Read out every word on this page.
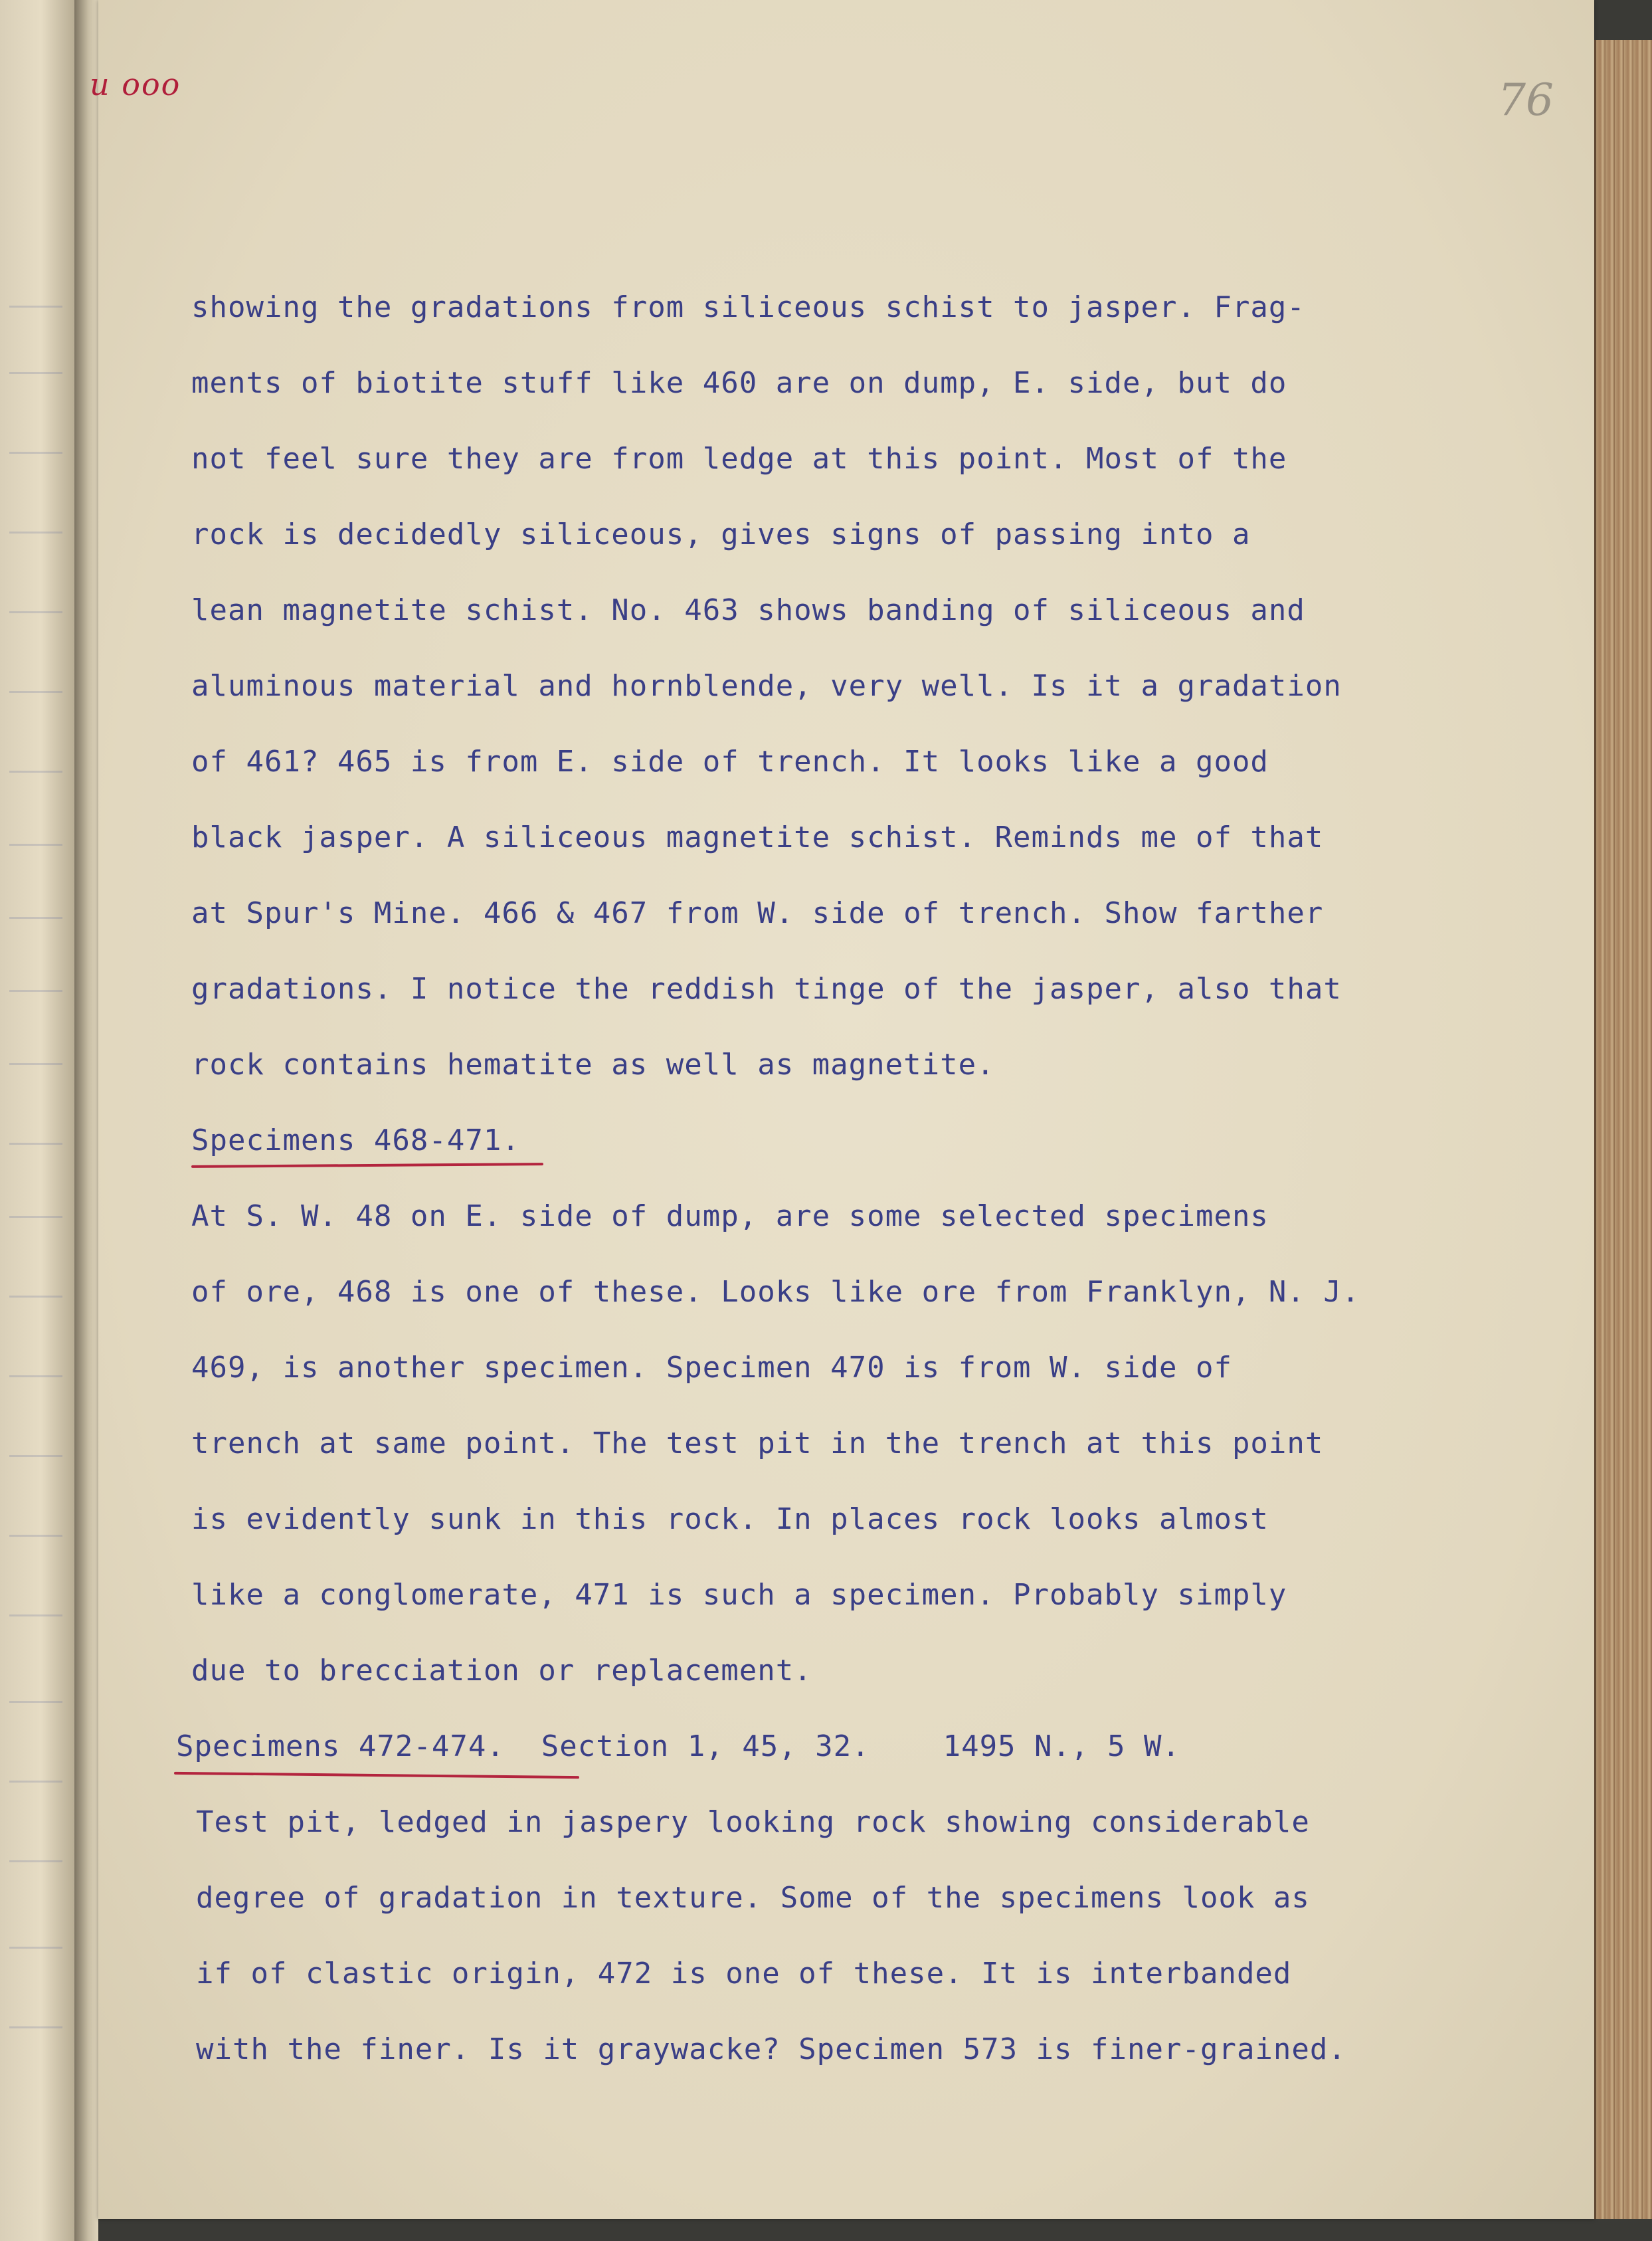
u ooo	76
showing the gradations from siliceous schist to jasper. Frag-
ments of biotite stuff like 460 are on dump, E. side, but do
not feel sure they are from ledge at this point. Most of the
rock is decidedly siliceous, gives signs of passing into a
lean magnetite schist. No. 463 shows banding of siliceous and
aluminous material and hornblende, very well. Is it a gradation
of 461? 465 is from E. side of trench. It looks like a good
black jasper. A siliceous magnetite schist. Reminds me of that
at Spur's Mine. 466 & 467 from W. side of trench. Show farther
gradations. I notice the reddish tinge of the jasper, also that
rock contains hematite as well as magnetite.
Specimens 468-471.
At S. W. 48 on E. side of dump, are some selected specimens
of ore, 468 is one of these. Looks like ore from Franklyn, N. J.
469, is another specimen. Specimen 470 is from W. side of
trench at same point. The test pit in the trench at this point
is evidently sunk in this rock. In places rock looks almost
like a conglomerate, 471 is such a specimen. Probably simply
due to brecciation or replacement.
Specimens 472-474.  Section 1, 45, 32.    1495 N., 5 W.
Test pit, ledged in jaspery looking rock showing considerable
degree of gradation in texture. Some of the specimens look as
if of clastic origin, 472 is one of these. It is interbanded
with the finer. Is it graywacke? Specimen 573 is finer-grained.
